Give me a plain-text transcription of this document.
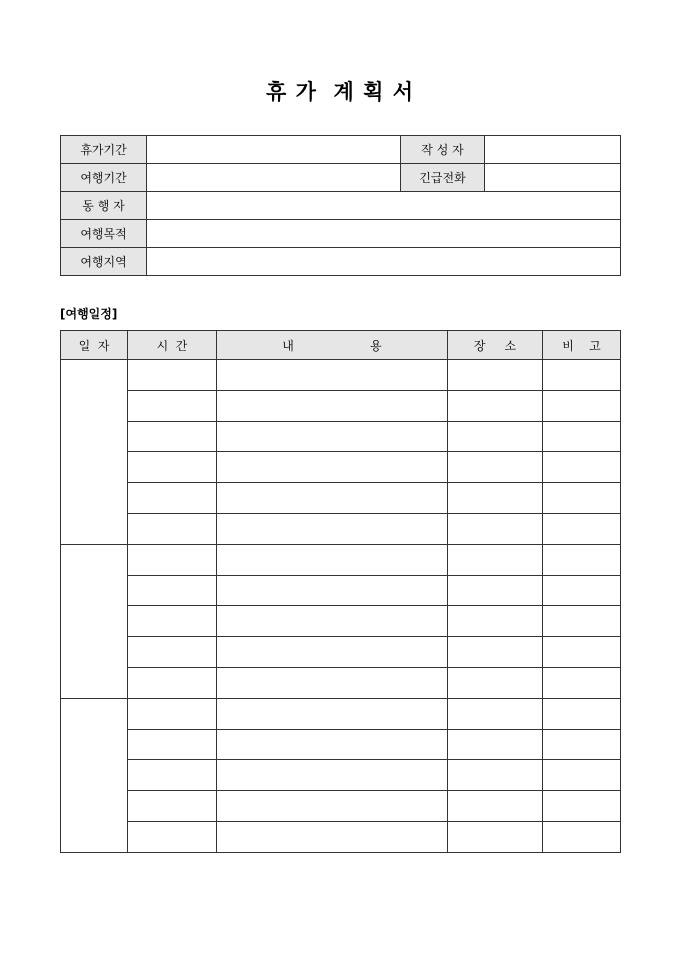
휴 가  계 획 서
휴가기간		작 성 자	
여행기간		긴급전화	
동 행 자			
여행목적			
여행지역			
[여행일정]
일  자	시  간	내                    용	장     소	비    고
